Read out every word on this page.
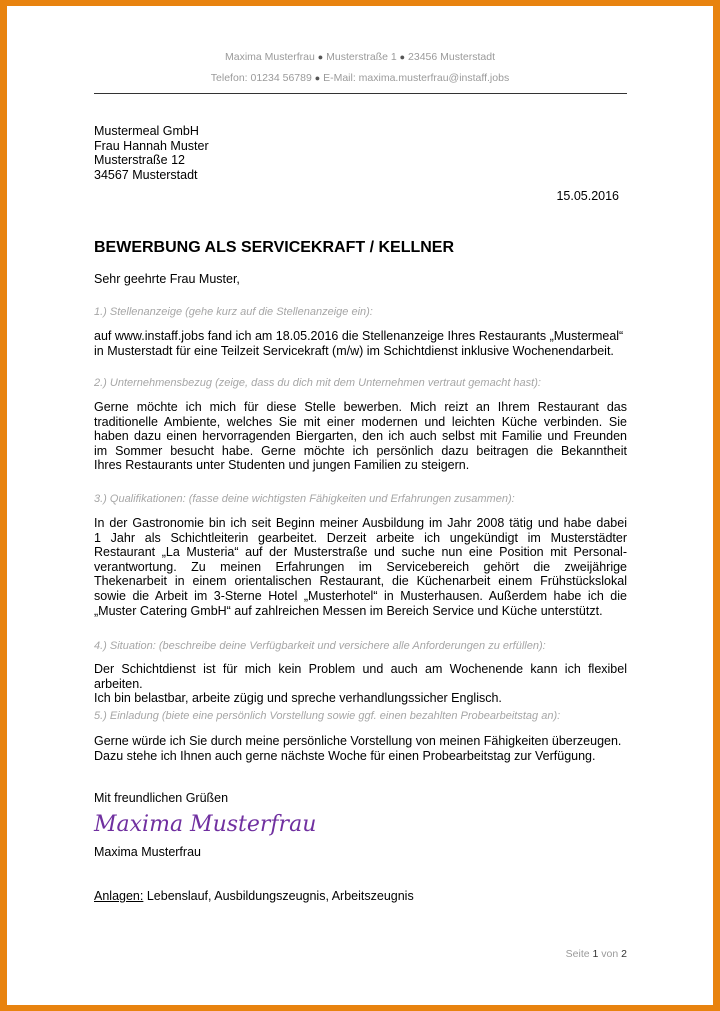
Maxima Musterfrau ● Musterstraße 1 ● 23456 Musterstadt
Telefon: 01234 56789 ● E-Mail: maxima.musterfrau@instaff.jobs
Mustermeal GmbH
Frau Hannah Muster
Musterstraße 12
34567 Musterstadt
15.05.2016
BEWERBUNG ALS SERVICEKRAFT / KELLNER
Sehr geehrte Frau Muster,
1.) Stellenanzeige (gehe kurz auf die Stellenanzeige ein):
auf www.instaff.jobs fand ich am 18.05.2016 die Stellenanzeige Ihres Restaurants „Mustermeal“
in Musterstadt für eine Teilzeit Servicekraft (m/w) im Schichtdienst inklusive Wochenendarbeit.
2.) Unternehmensbezug (zeige, dass du dich mit dem Unternehmen vertraut gemacht hast):
Gerne möchte ich mich für diese Stelle bewerben. Mich reizt an Ihrem Restaurant das
traditionelle Ambiente, welches Sie mit einer modernen und leichten Küche verbinden. Sie
haben dazu einen hervorragenden Biergarten, den ich auch selbst mit Familie und Freunden
im Sommer besucht habe. Gerne möchte ich persönlich dazu beitragen die Bekanntheit
Ihres Restaurants unter Studenten und jungen Familien zu steigern.
3.) Qualifikationen: (fasse deine wichtigsten Fähigkeiten und Erfahrungen zusammen):
In der Gastronomie bin ich seit Beginn meiner Ausbildung im Jahr 2008 tätig und habe dabei
1 Jahr als Schichtleiterin gearbeitet. Derzeit arbeite ich ungekündigt im Musterstädter
Restaurant „La Musteria“ auf der Musterstraße und suche nun eine Position mit Personal-
verantwortung. Zu meinen Erfahrungen im Servicebereich gehört die zweijährige
Thekenarbeit in einem orientalischen Restaurant, die Küchenarbeit einem Frühstückslokal
sowie die Arbeit im 3-Sterne Hotel „Musterhotel“ in Musterhausen. Außerdem habe ich die
„Muster Catering GmbH“ auf zahlreichen Messen im Bereich Service und Küche unterstützt.
4.) Situation: (beschreibe deine Verfügbarkeit und versichere alle Anforderungen zu erfüllen):
Der Schichtdienst ist für mich kein Problem und auch am Wochenende kann ich flexibel arbeiten.
Ich bin belastbar, arbeite zügig und spreche verhandlungssicher Englisch.
5.) Einladung (biete eine persönlich Vorstellung sowie ggf. einen bezahlten Probearbeitstag an):
Gerne würde ich Sie durch meine persönliche Vorstellung von meinen Fähigkeiten überzeugen.
Dazu stehe ich Ihnen auch gerne nächste Woche für einen Probearbeitstag zur Verfügung.
Mit freundlichen Grüßen
Maxima Musterfrau
Maxima Musterfrau
Anlagen: Lebenslauf, Ausbildungszeugnis, Arbeitszeugnis
Seite 1 von 2
